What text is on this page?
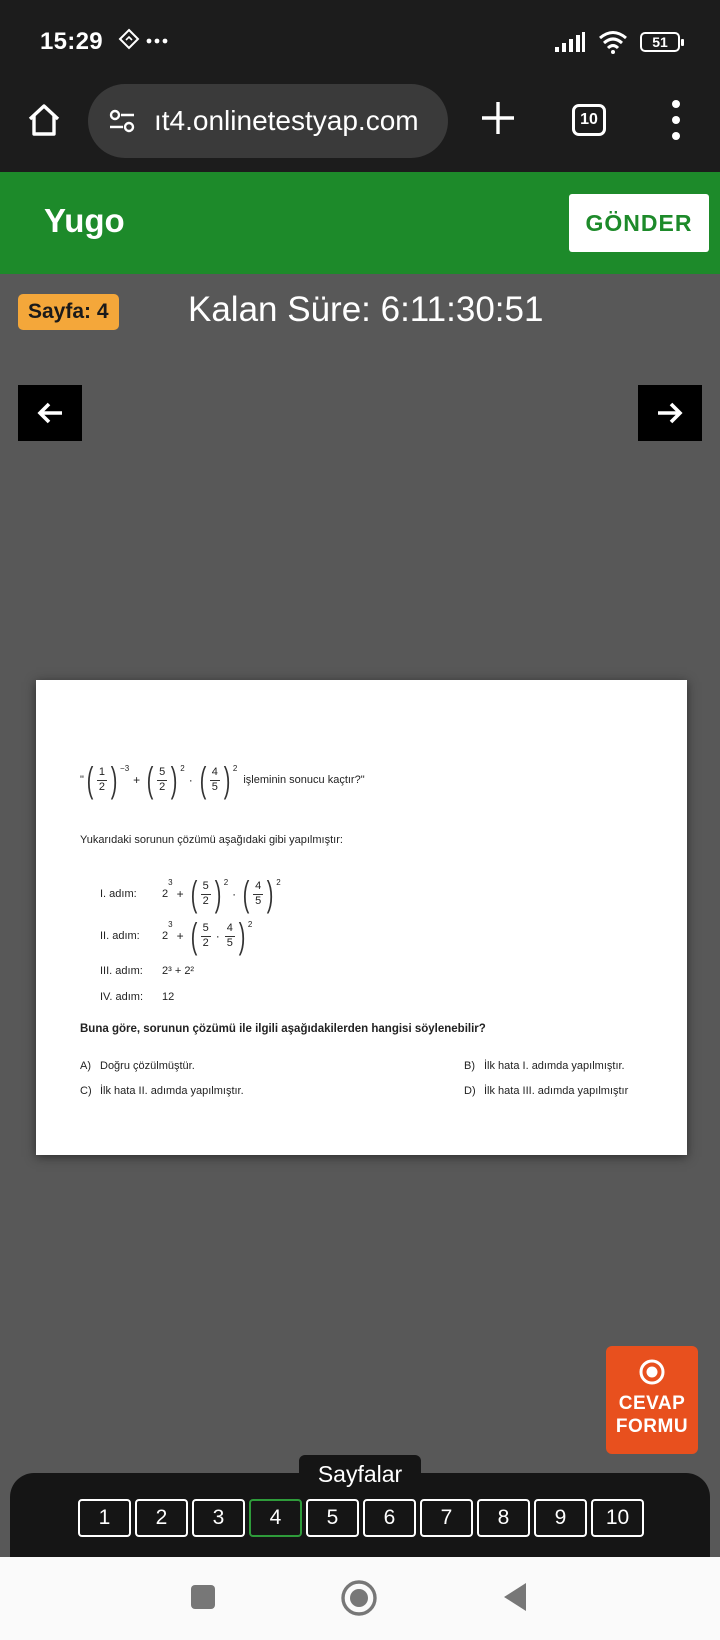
15:29	51
ıt4.onlinetestyap.com	10
Yugo	GÖNDER
Sayfa: 4 Kalan Süre: 6:11:30:51
" ( $\frac{1}{2}$ ) −3
+ ( $\frac{5}{2}$ ) 2
· ( $\frac{4}{5}$ ) 2
işleminin sonucu kaçtır?"
Yukarıdaki sorunun çözümü aşağıdaki gibi yapılmıştır:
I. adım:	2
3
+ ( $\frac{5}{2}$ ) 2
· ( $\frac{4}{5}$ ) 2
II. adım:	2
3
+ ( $\frac{5}{2} \cdot \frac{4}{5}$ ) 2
III. adım:	2³ + 2²
IV. adım:	12
Buna göre, sorunun çözümü ile ilgili aşağıdakilerden hangisi söylenebilir?
A) Doğru çözülmüştür.	B) İlk hata I. adımda yapılmıştır.
C) İlk hata II. adımda yapılmıştır.	D) İlk hata III. adımda yapılmıştır
CEVAP
FORMU
1	2	3	4	5	6	7	8	9	10
Sayfalar
